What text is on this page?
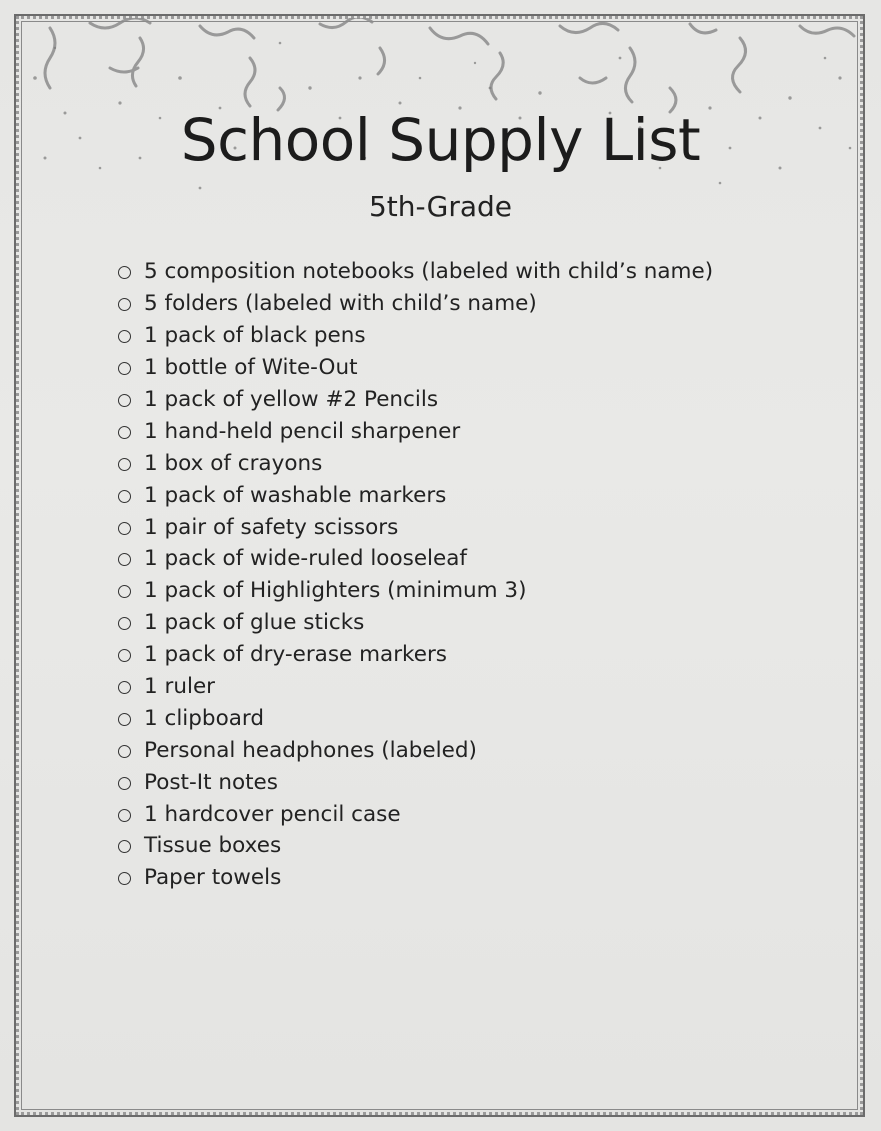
School Supply List
5th-Grade
5 composition notebooks (labeled with child’s name)
5 folders (labeled with child’s name)
1 pack of black pens
1 bottle of Wite-Out
1 pack of yellow #2 Pencils
1 hand-held pencil sharpener
1 box of crayons
1 pack of washable markers
1 pair of safety scissors
1 pack of wide-ruled looseleaf
1 pack of Highlighters (minimum 3)
1 pack of glue sticks
1 pack of dry-erase markers
1 ruler
1 clipboard
Personal headphones (labeled)
Post-It notes
1 hardcover pencil case
Tissue boxes
Paper towels
